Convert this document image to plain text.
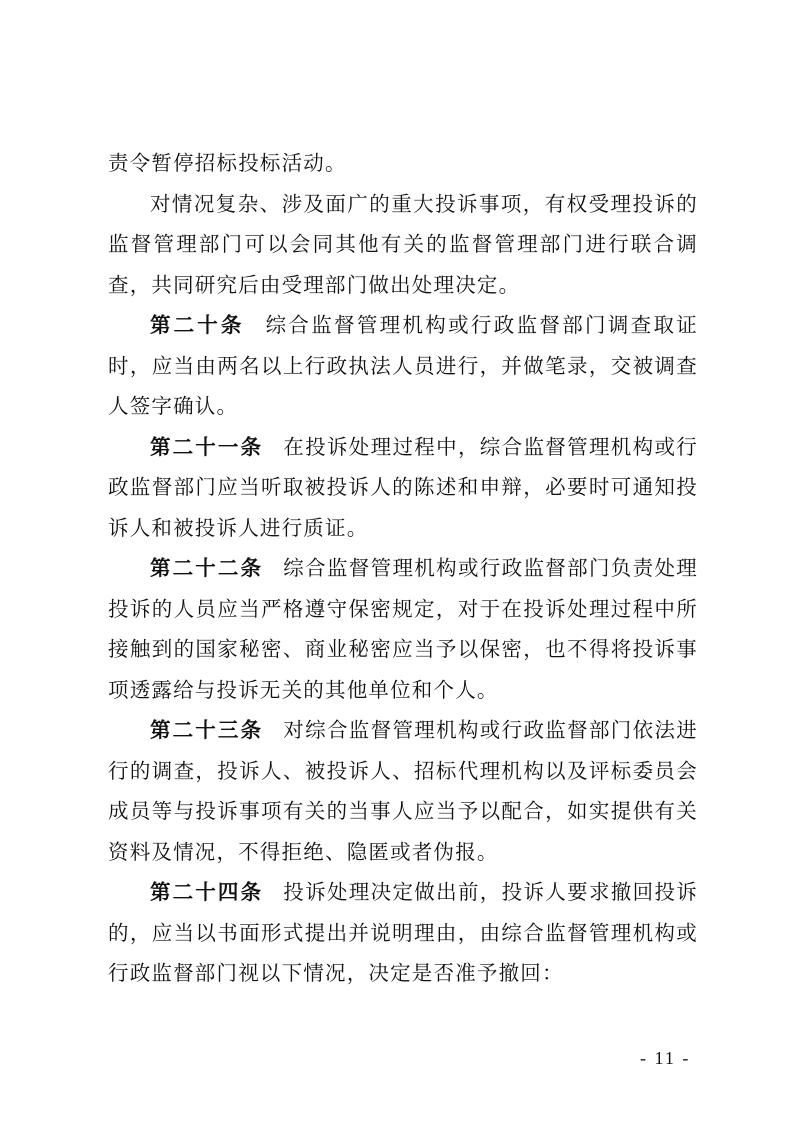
责令暂停招标投标活动。

对情况复杂、涉及面广的重大投诉事项，有权受理投诉的监督管理部门可以会同其他有关的监督管理部门进行联合调查，共同研究后由受理部门做出处理决定。

第二十条 综合监督管理机构或行政监督部门调查取证时，应当由两名以上行政执法人员进行，并做笔录，交被调查人签字确认。

第二十一条 在投诉处理过程中，综合监督管理机构或行政监督部门应当听取被投诉人的陈述和申辩，必要时可通知投诉人和被投诉人进行质证。

第二十二条 综合监督管理机构或行政监督部门负责处理投诉的人员应当严格遵守保密规定，对于在投诉处理过程中所接触到的国家秘密、商业秘密应当予以保密，也不得将投诉事项透露给与投诉无关的其他单位和个人。

第二十三条 对综合监督管理机构或行政监督部门依法进行的调查，投诉人、被投诉人、招标代理机构以及评标委员会成员等与投诉事项有关的当事人应当予以配合，如实提供有关资料及情况，不得拒绝、隐匿或者伪报。

第二十四条 投诉处理决定做出前，投诉人要求撤回投诉的，应当以书面形式提出并说明理由，由综合监督管理机构或行政监督部门视以下情况，决定是否准予撤回：

- 11 -
